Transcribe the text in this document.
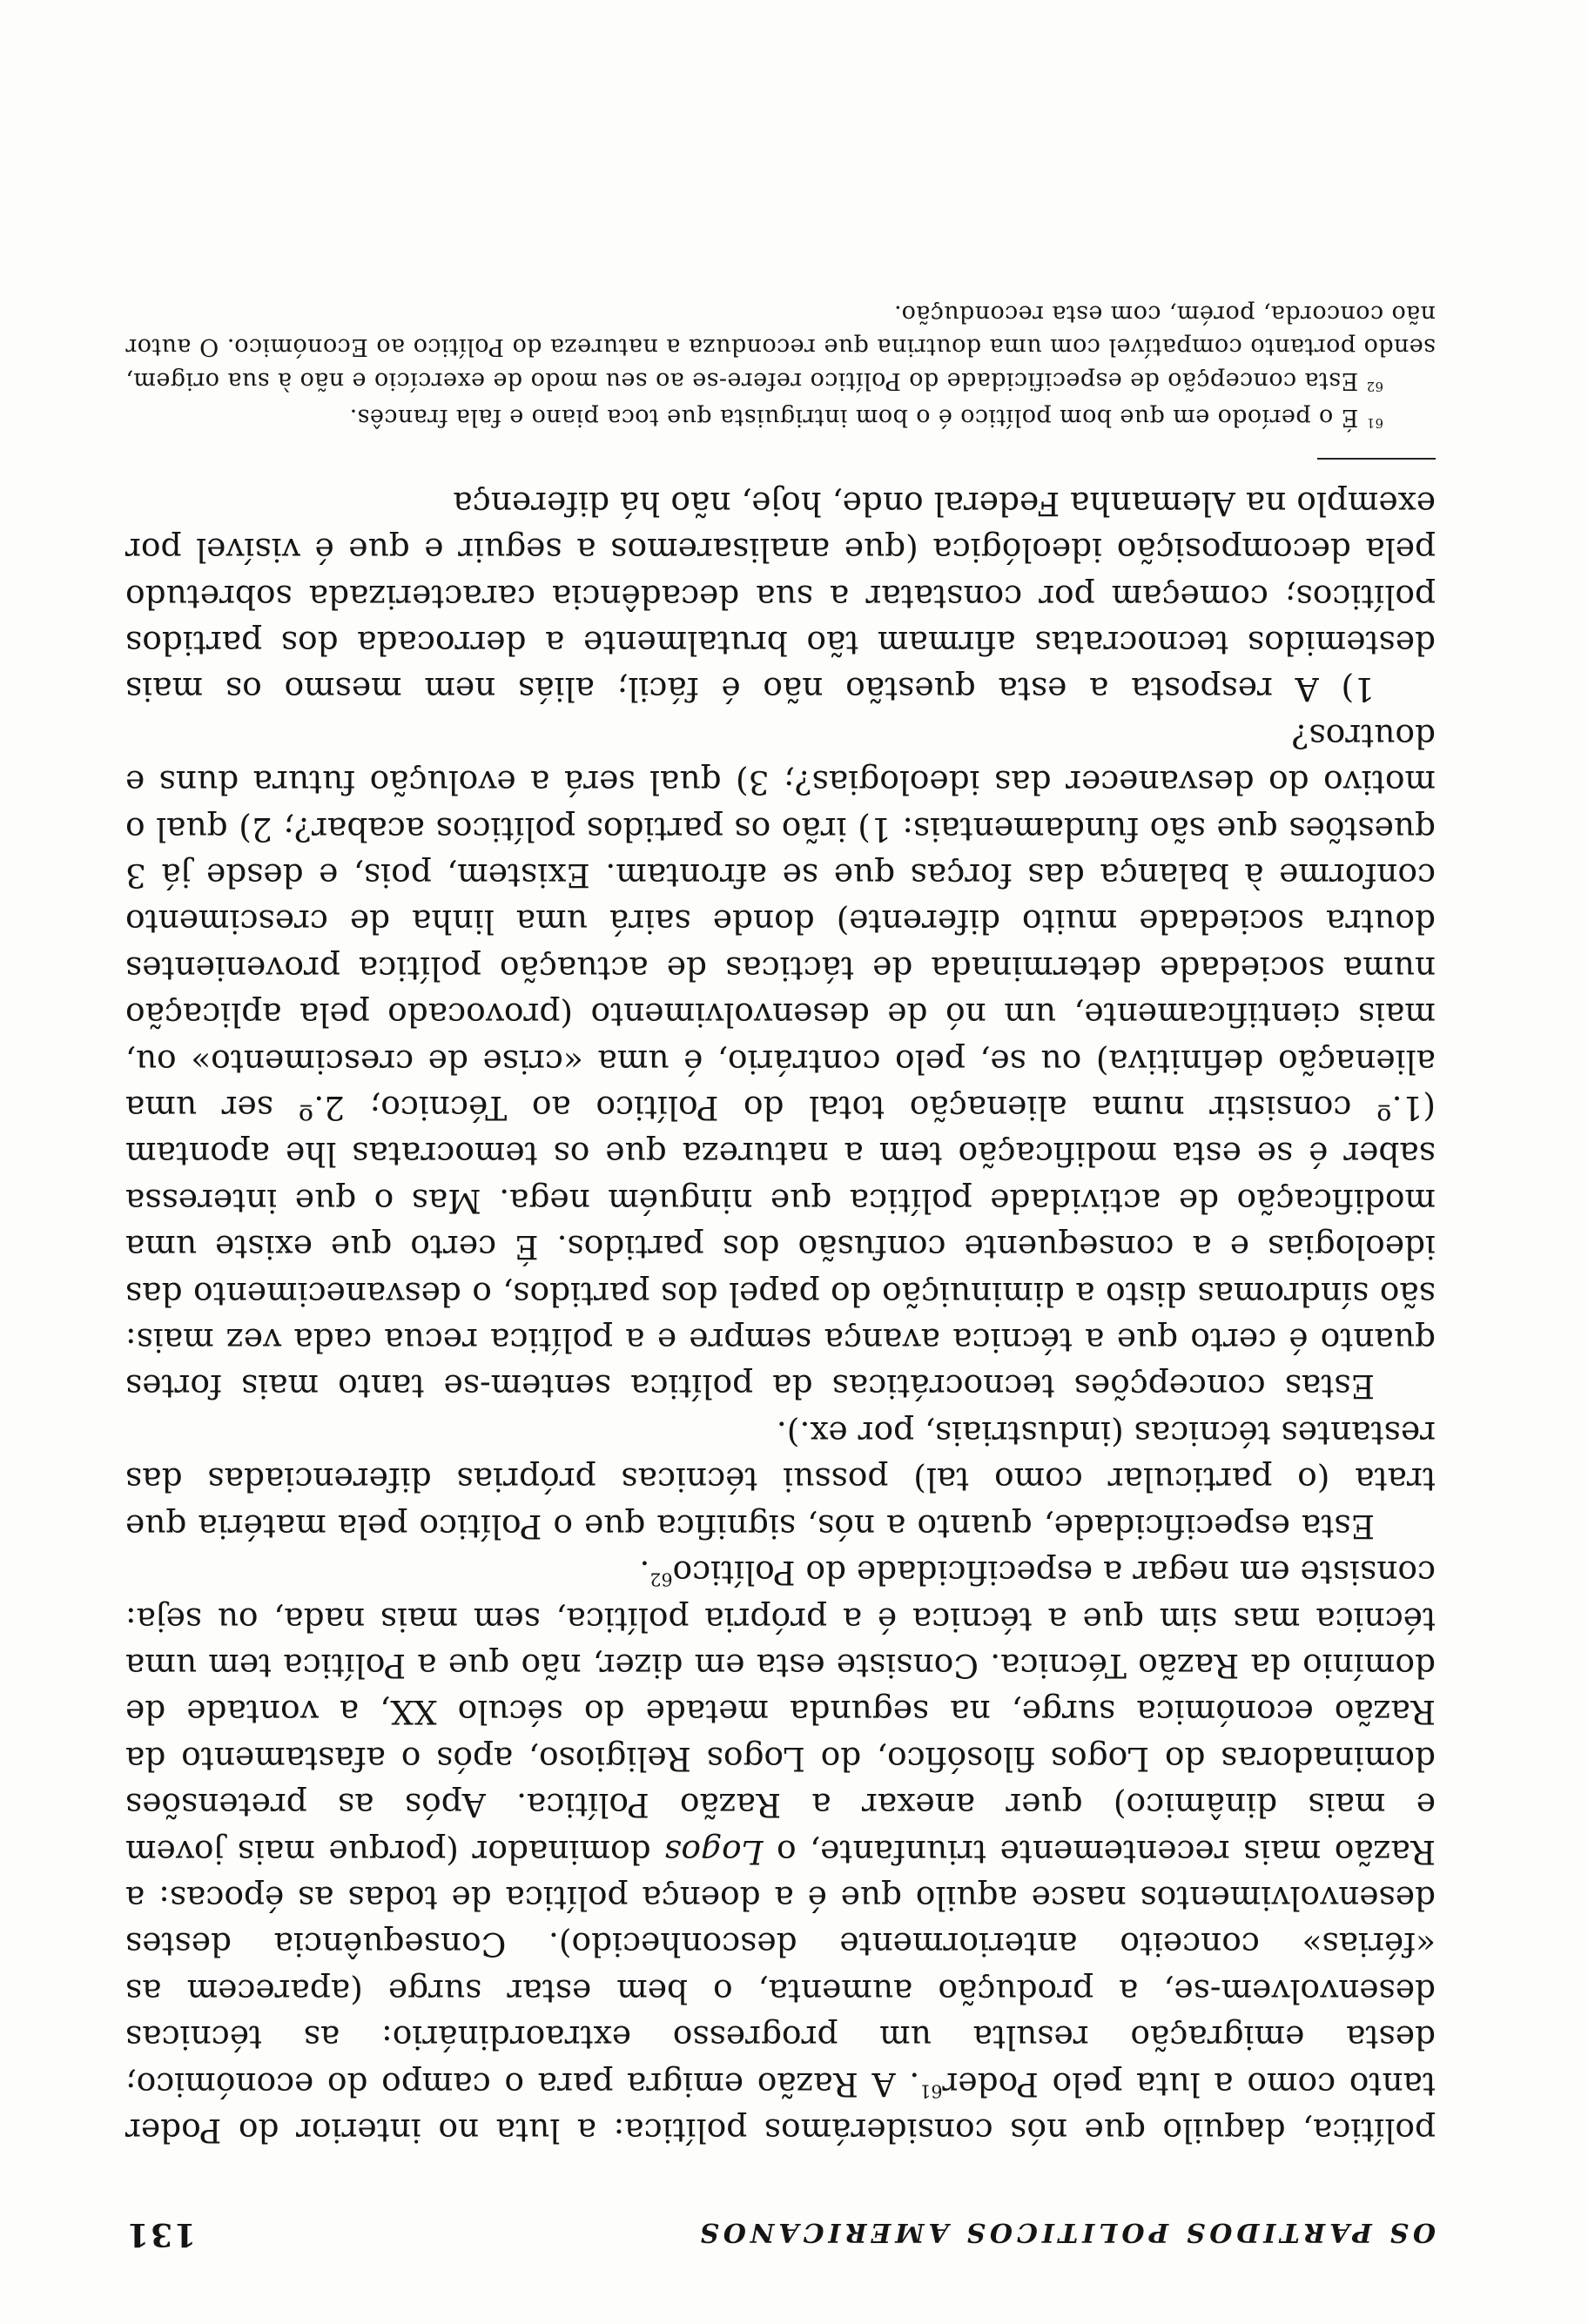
OS PARTIDOS POLITICOS AMERICANOS
131

política, daquilo que nós considerámos política: a luta no interior do Poder tanto como a luta pelo Poder$^{61}$. A Razão emigra para o campo do económico; desta emigração resulta um progresso extraordinário: as técnicas desenvolvem-se, a produção aumenta, o bem estar surge (aparecem as «férias» conceito anteriormente desconhecido). Consequência destes desenvolvimentos nasce aquilo que é a doença política de todas as épocas: a Razão mais recentemente triunfante, o Logos dominador (porque mais jovem e mais dinâmico) quer anexar a Razão Política. Após as pretensões dominadoras do Logos filosófico, do Logos Religioso, após o afastamento da Razão económica surge, na segunda metade do século XX, a vontade de domínio da Razão Técnica. Consiste esta em dizer, não que a Política tem uma técnica mas sim que a técnica é a própria política, sem mais nada, ou seja: consiste em negar a especificidade do Político$^{62}$.

Esta especificidade, quanto a nós, significa que o Político pela matéria que trata (o particular como tal) possui técnicas próprias diferenciadas das restantes técnicas (industriais, por ex.).

Estas concepções tecnocráticas da política sentem-se tanto mais fortes quanto é certo que a técnica avança sempre e a política recua cada vez mais: são síndromas disto a diminuição do papel dos partidos, o desvanecimento das ideologias e a consequente confusão dos partidos. É certo que existe uma modificação de actividade política que ninguém nega. Mas o que interessa saber é se esta modificação tem a natureza que os temocratas lhe apontam (1.º consistir numa alienação total do Político ao Técnico; 2.º ser uma alienação definitiva) ou se, pelo contrário, é uma «crise de crescimento» ou, mais cientificamente, um nó de desenvolvimento (provocado pela aplicação numa sociedade determinada de tácticas de actuação política provenientes doutra sociedade muito diferente) donde sairá uma linha de crescimento conforme à balança das forças que se afrontam. Existem, pois, e desde já 3 questões que são fundamentais: 1) irão os partidos políticos acabar?; 2) qual o motivo do desvanecer das ideologias?; 3) qual será a evolução futura duns e doutros?

1) A resposta a esta questão não é fácil; aliás nem mesmo os mais destemidos tecnocratas afirmam tão brutalmente a derrocada dos partidos políticos; começam por constatar a sua decadência caracterizada sobretudo pela decomposição ideológica (que analisaremos a seguir e que é visível por exemplo na Alemanha Federal onde, hoje, não há diferença

$^{61}$ É o período em que bom político é o bom intriguista que toca piano e fala francês.

$^{62}$ Esta concepção de especificidade do Político refere-se ao seu modo de exercício e não à sua origem, sendo portanto compatível com uma doutrina que reconduza a natureza do Político ao Económico. O autor não concorda, porém, com esta recondução.
